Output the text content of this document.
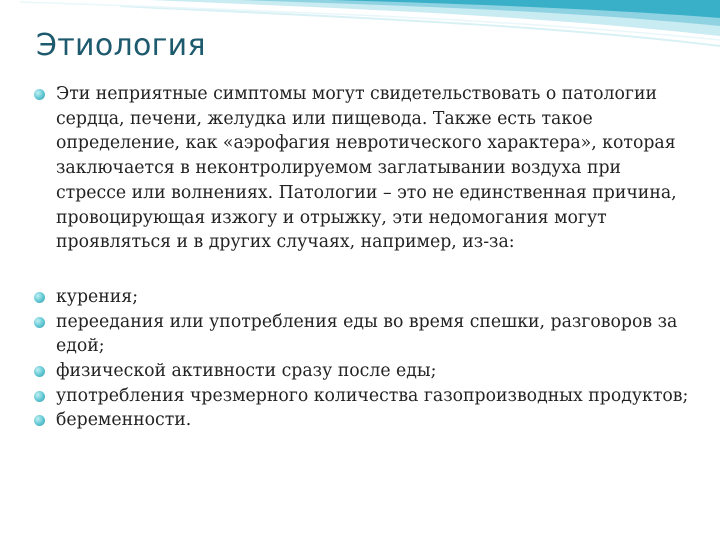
Этиология
Эти неприятные симптомы могут свидетельствовать о патологии сердца, печени, желудка или пищевода. Также есть такое определение, как «аэрофагия невротического характера», которая заключается в неконтролируемом заглатывании воздуха при стрессе или волнениях. Патологии – это не единственная причина, провоцирующая изжогу и отрыжку, эти недомогания могут проявляться и в других случаях, например, из-за:
курения;
переедания или употребления еды во время спешки, разговоров за едой;
физической активности сразу после еды;
употребления чрезмерного количества газопроизводных продуктов;
беременности.
